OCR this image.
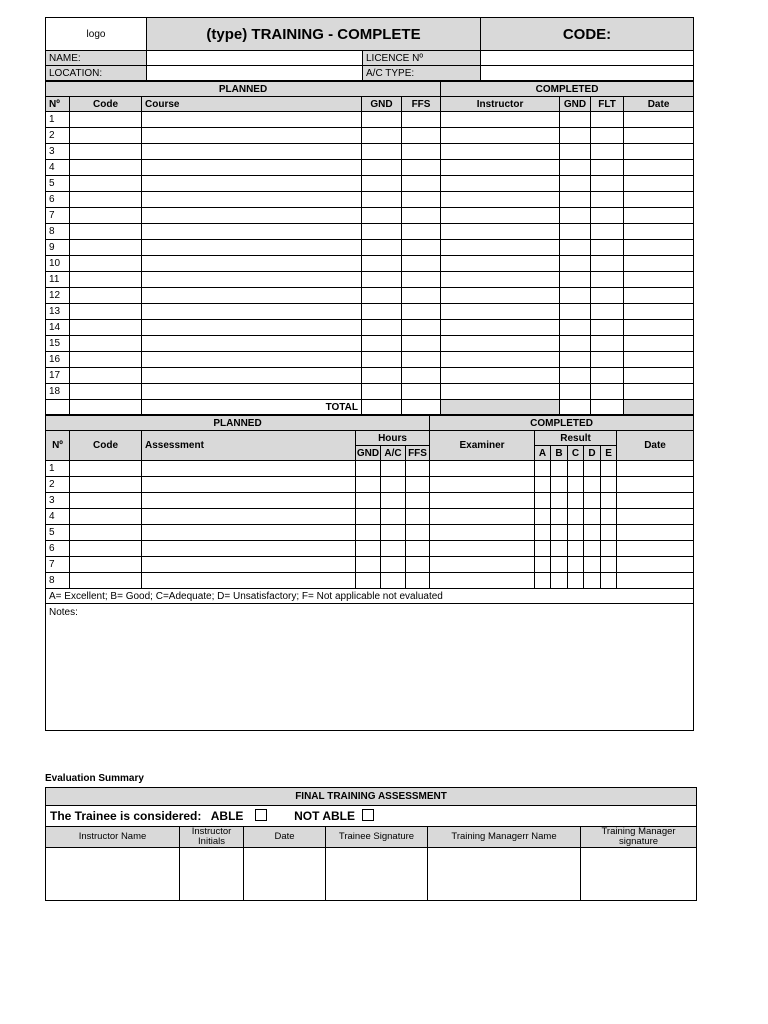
logo	(type) TRAINING - COMPLETE		CODE:
NAME:		LICENCE Nº	
LOCATION:		A/C TYPE:	
PLANNED					COMPLETED			
Nº	Code	Course	GND	FFS	Instructor	GND	FLT	Date
1								
2								
3								
4								
5								
6								
7								
8								
9								
10								
11								
12								
13								
14								
15								
16								
17								
18								
		TOTAL						
PLANNED						COMPLETED						
Nº	Code	Assessment	Hours			Examiner	Result					Date
			GND	A/C	FFS		A	B	C	D	E	
1												
2												
3												
4												
5												
6												
7												
8												
A= Excellent; B= Good; C=Adequate; D= Unsatisfactory; F= Not applicable not evaluated												
Notes:												
Evaluation Summary
FINAL TRAINING ASSESSMENT					
The Trainee is considered: ABLE NOT ABLE					
Instructor Name	Instructor Initials	Date	Trainee Signature	Training Managerr Name	Training Manager signature
